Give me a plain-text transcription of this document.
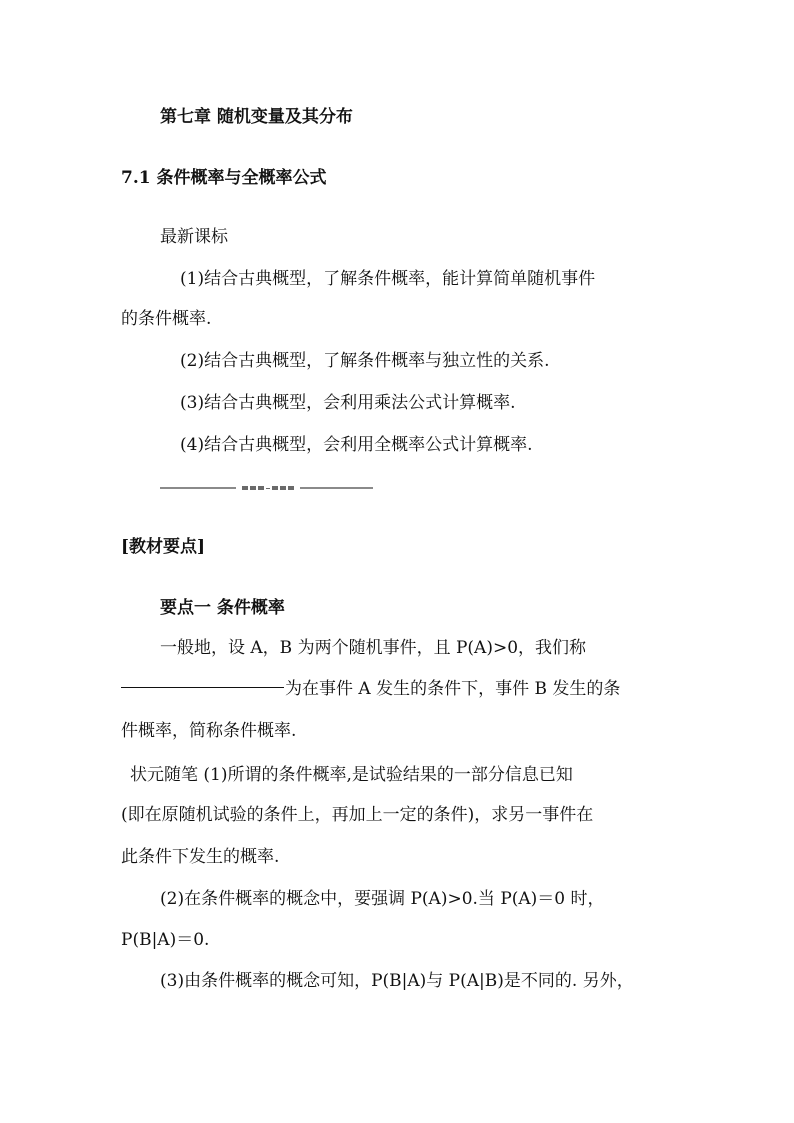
第七章 随机变量及其分布
7.1 条件概率与全概率公式
最新课标
(1)结合古典概型，了解条件概率，能计算简单随机事件
的条件概率.
(2)结合古典概型，了解条件概率与独立性的关系.
(3)结合古典概型，会利用乘法公式计算概率.
(4)结合古典概型，会利用全概率公式计算概率.
[教材要点]
要点一 条件概率
一般地，设 A，B 为两个随机事件，且 P(A)>0，我们称
为在事件 A 发生的条件下，事件 B 发生的条
件概率，简称条件概率.
状元随笔 (1)所谓的条件概率,是试验结果的一部分信息已知
(即在原随机试验的条件上，再加上一定的条件)，求另一事件在
此条件下发生的概率.
(2)在条件概率的概念中，要强调 P(A)>0.当 P(A)＝0 时，
P(B|A)＝0.
(3)由条件概率的概念可知，P(B|A)与 P(A|B)是不同的. 另外，
